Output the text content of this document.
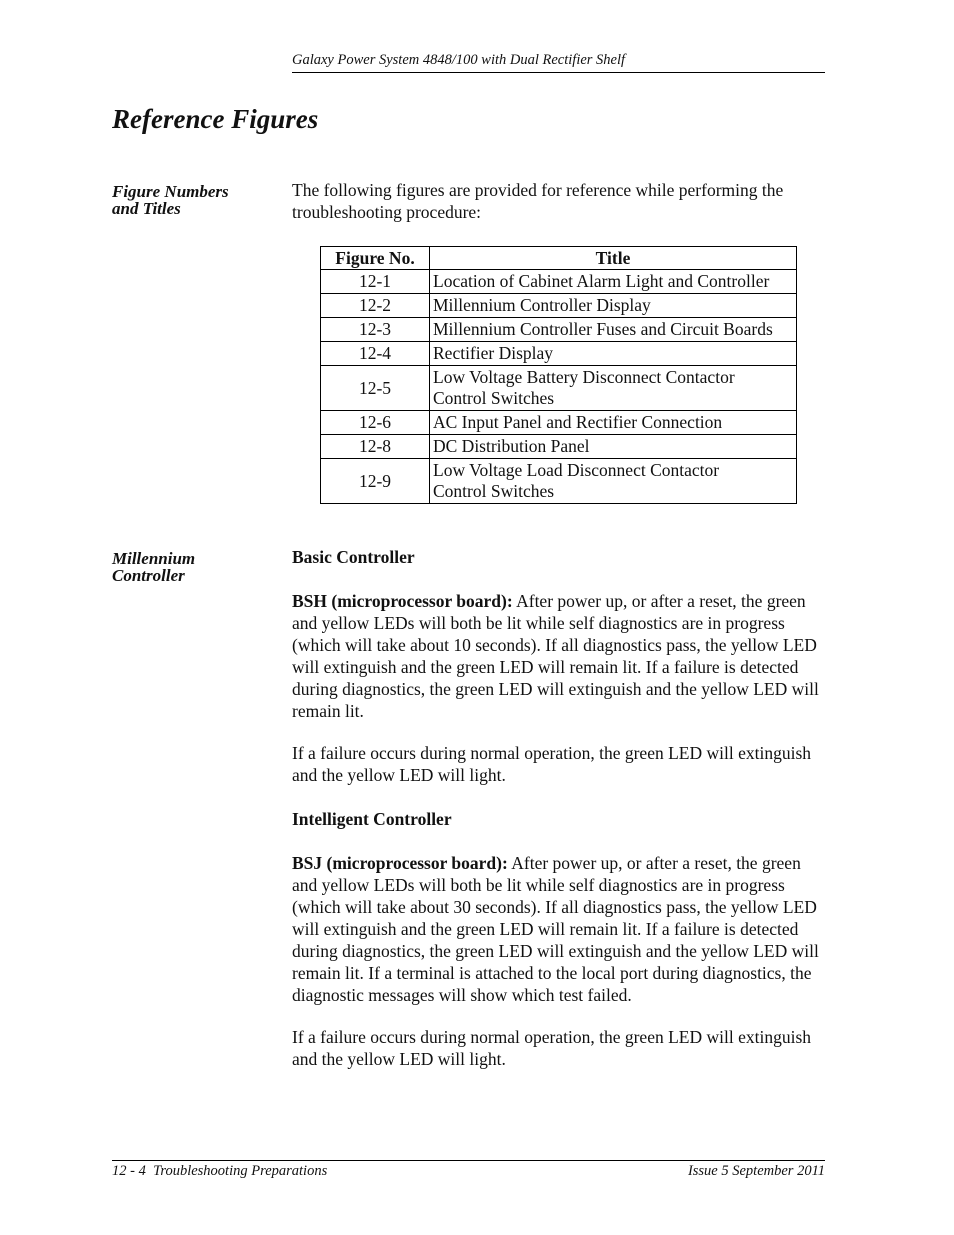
Galaxy Power System 4848/100 with Dual Rectifier Shelf
Reference Figures
Figure Numbers
and Titles

The following figures are provided for reference while performing the troubleshooting procedure:

Figure No.	Title
12-1	Location of Cabinet Alarm Light and Controller
12-2	Millennium Controller Display
12-3	Millennium Controller Fuses and Circuit Boards
12-4	Rectifier Display
12-5	Low Voltage Battery Disconnect Contactor
Control Switches

12-6	AC Input Panel and Rectifier Connection
12-8	DC Distribution Panel
12-9	Low Voltage Load Disconnect Contactor
Control Switches
Millennium
Controller

Basic Controller

BSH (microprocessor board): After power up, or after a reset, the green and yellow LEDs will both be lit while self diagnostics are in progress (which will take about 10 seconds). If all diagnostics pass, the yellow LED will extinguish and the green LED will remain lit. If a failure is detected during diagnostics, the green LED will extinguish and the yellow LED will remain lit.

If a failure occurs during normal operation, the green LED will extinguish and the yellow LED will light.

Intelligent Controller

BSJ (microprocessor board): After power up, or after a reset, the green and yellow LEDs will both be lit while self diagnostics are in progress (which will take about 30 seconds). If all diagnostics pass, the yellow LED will extinguish and the green LED will remain lit. If a failure is detected during diagnostics, the green LED will extinguish and the yellow LED will remain lit. If a terminal is attached to the local port during diagnostics, the diagnostic messages will show which test failed.

If a failure occurs during normal operation, the green LED will extinguish and the yellow LED will light.

12 - 4  Troubleshooting Preparations	Issue 5 September 2011
